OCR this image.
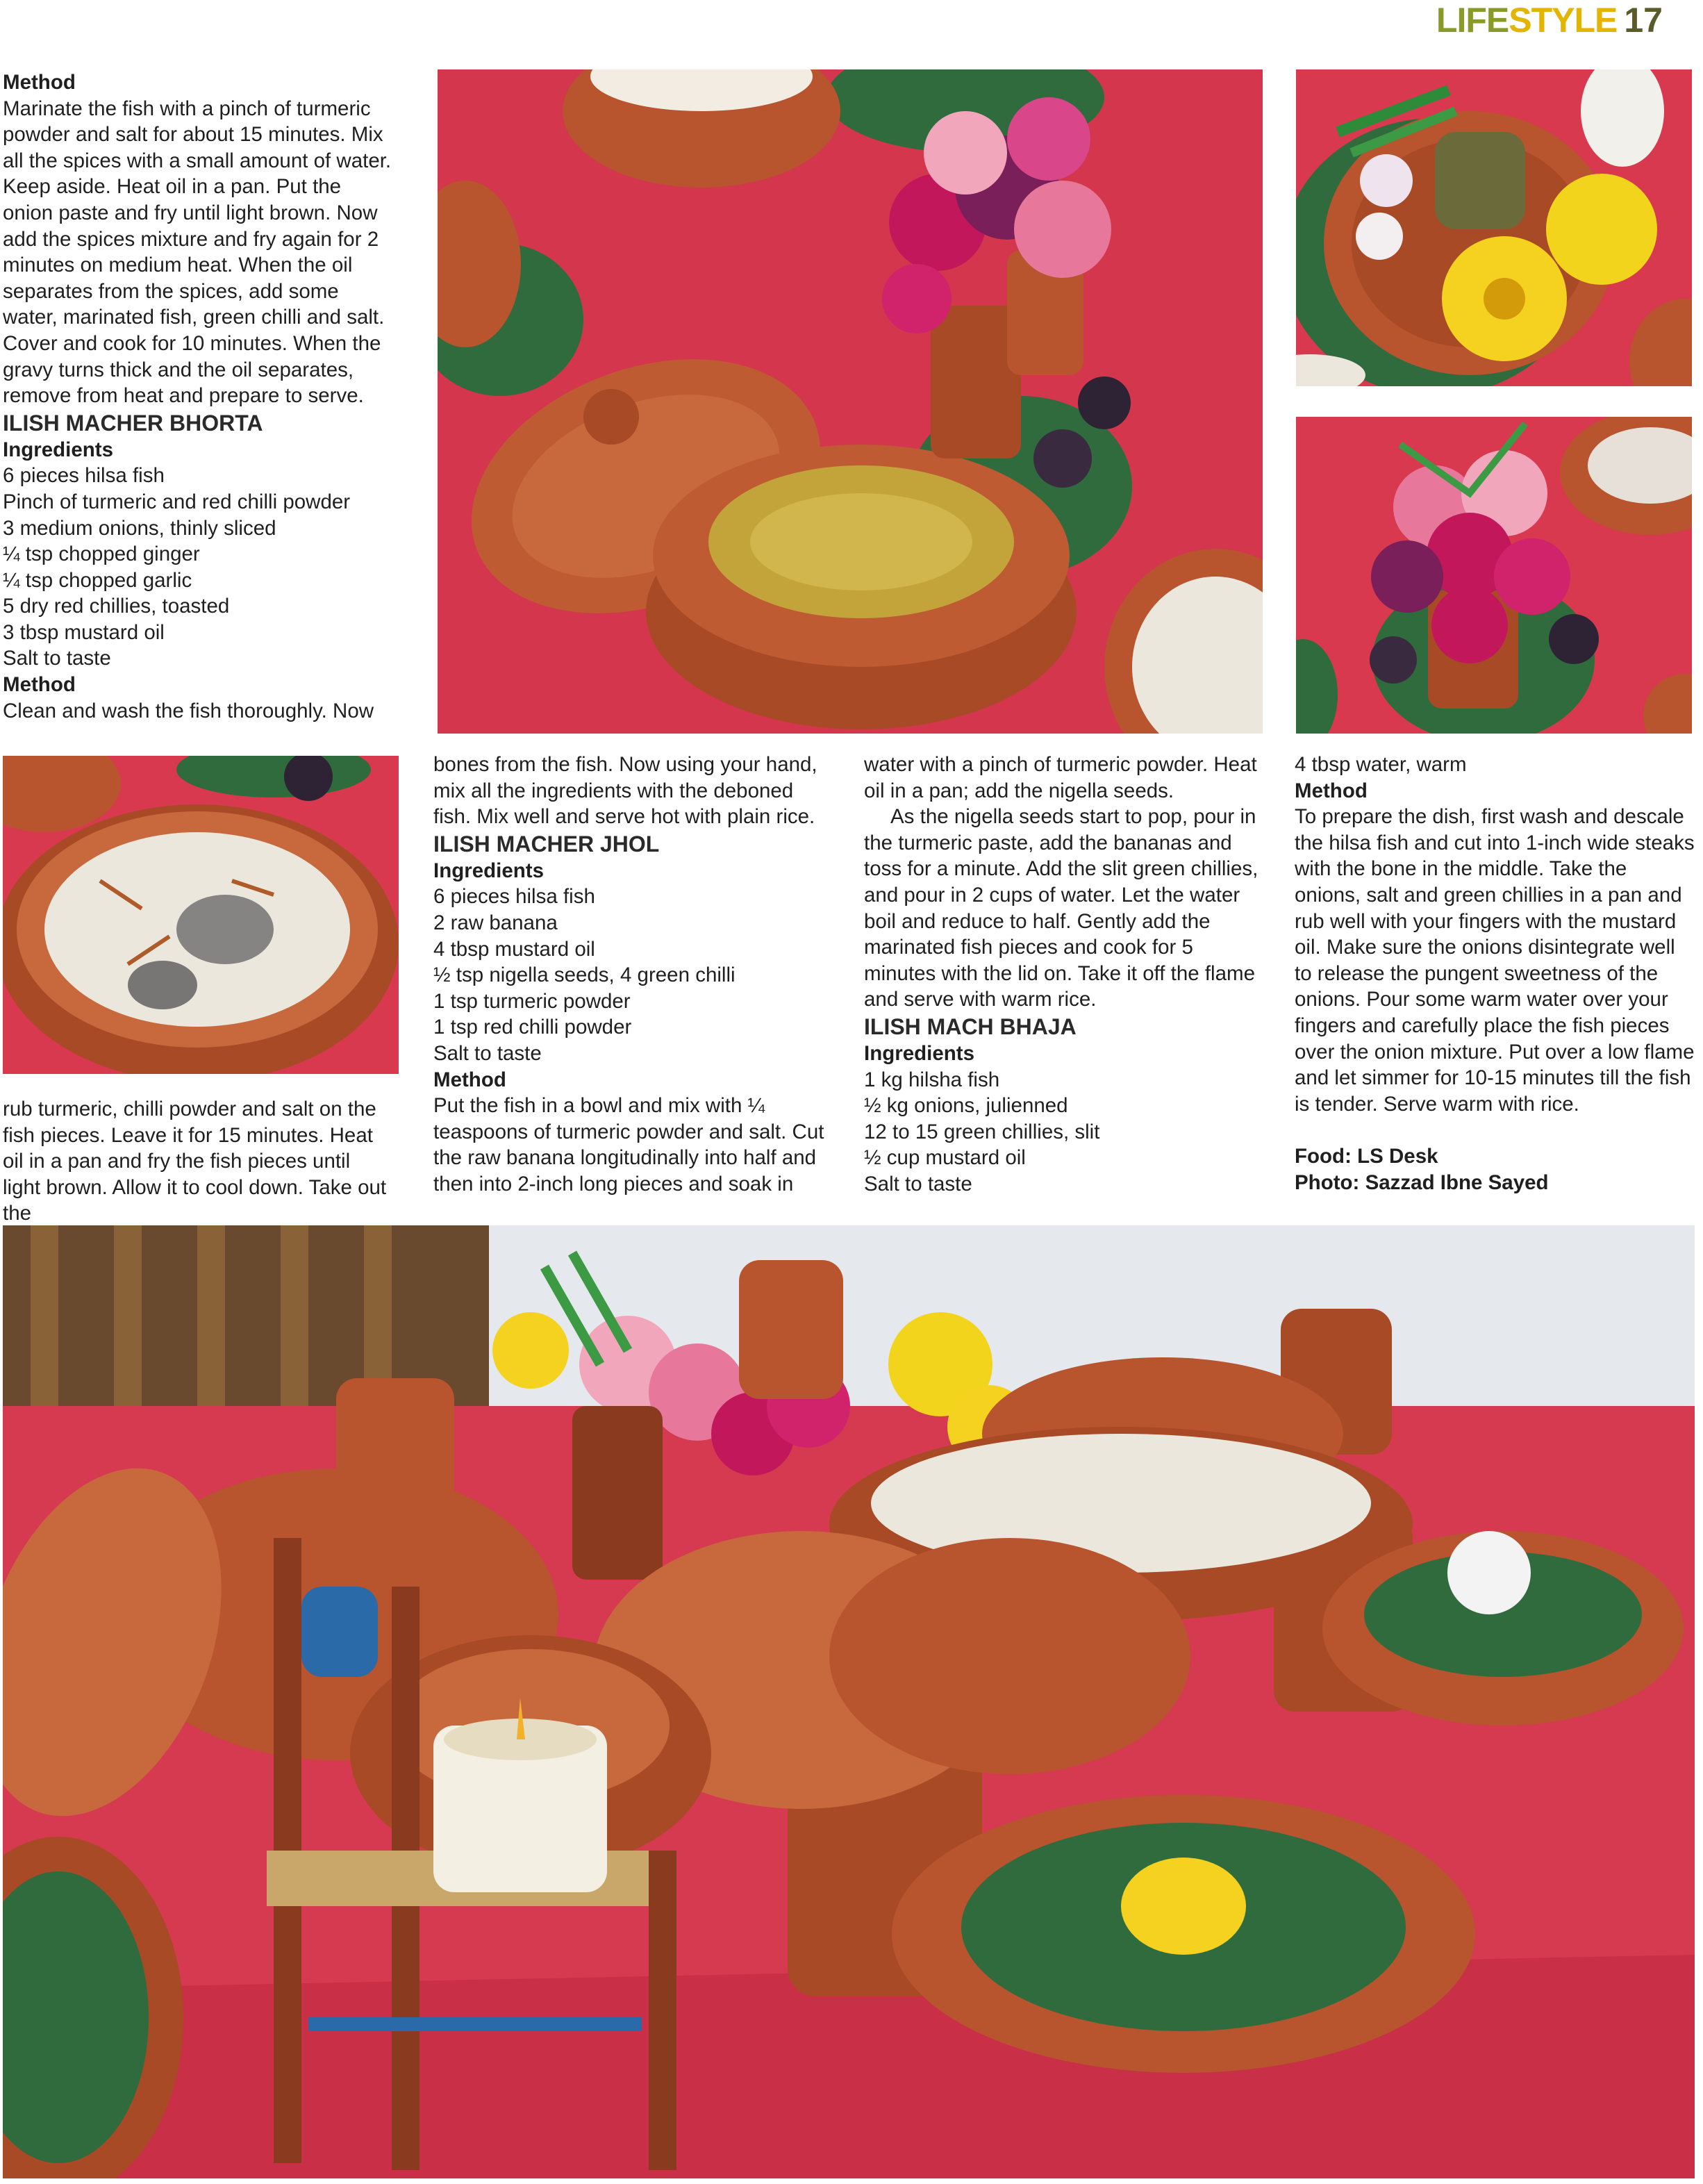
LIFESTYLE 17

Method

Marinate the fish with a pinch of turmeric powder and salt for about 15 minutes. Mix all the spices with a small amount of water. Keep aside. Heat oil in a pan. Put the onion paste and fry until light brown. Now add the spices mixture and fry again for 2 minutes on medium heat. When the oil separates from the spices, add some water, marinated fish, green chilli and salt. Cover and cook for 10 minutes. When the gravy turns thick and the oil separates, remove from heat and prepare to serve.

ILISH MACHER BHORTA

Ingredients

6 pieces hilsa fish

Pinch of turmeric and red chilli powder

3 medium onions, thinly sliced

¼ tsp chopped ginger

¼ tsp chopped garlic

5 dry red chillies, toasted

3 tbsp mustard oil

Salt to taste

Method

Clean and wash the fish thoroughly. Now

rub turmeric, chilli powder and salt on the fish pieces. Leave it for 15 minutes. Heat oil in a pan and fry the fish pieces until light brown. Allow it to cool down. Take out the

bones from the fish. Now using your hand, mix all the ingredients with the deboned fish. Mix well and serve hot with plain rice.

ILISH MACHER JHOL

Ingredients

6 pieces hilsa fish

2 raw banana

4 tbsp mustard oil

½ tsp nigella seeds, 4 green chilli

1 tsp turmeric powder

1 tsp red chilli powder

Salt to taste

Method

Put the fish in a bowl and mix with ¼ teaspoons of turmeric powder and salt. Cut the raw banana longitudinally into half and then into 2-inch long pieces and soak in

water with a pinch of turmeric powder. Heat oil in a pan; add the nigella seeds.

As the nigella seeds start to pop, pour in the turmeric paste, add the bananas and toss for a minute. Add the slit green chillies, and pour in 2 cups of water. Let the water boil and reduce to half. Gently add the marinated fish pieces and cook for 5 minutes with the lid on. Take it off the flame and serve with warm rice.

ILISH MACH BHAJA

Ingredients

1 kg hilsha fish

½ kg onions, julienned

12 to 15 green chillies, slit

½ cup mustard oil

Salt to taste

4 tbsp water, warm

Method

To prepare the dish, first wash and descale the hilsa fish and cut into 1-inch wide steaks with the bone in the middle. Take the onions, salt and green chillies in a pan and rub well with your fingers with the mustard oil. Make sure the onions disintegrate well to release the pungent sweetness of the onions. Pour some warm water over your fingers and carefully place the fish pieces over the onion mixture. Put over a low flame and let simmer for 10-15 minutes till the fish is tender. Serve warm with rice.

Food: LS Desk

Photo: Sazzad Ibne Sayed
